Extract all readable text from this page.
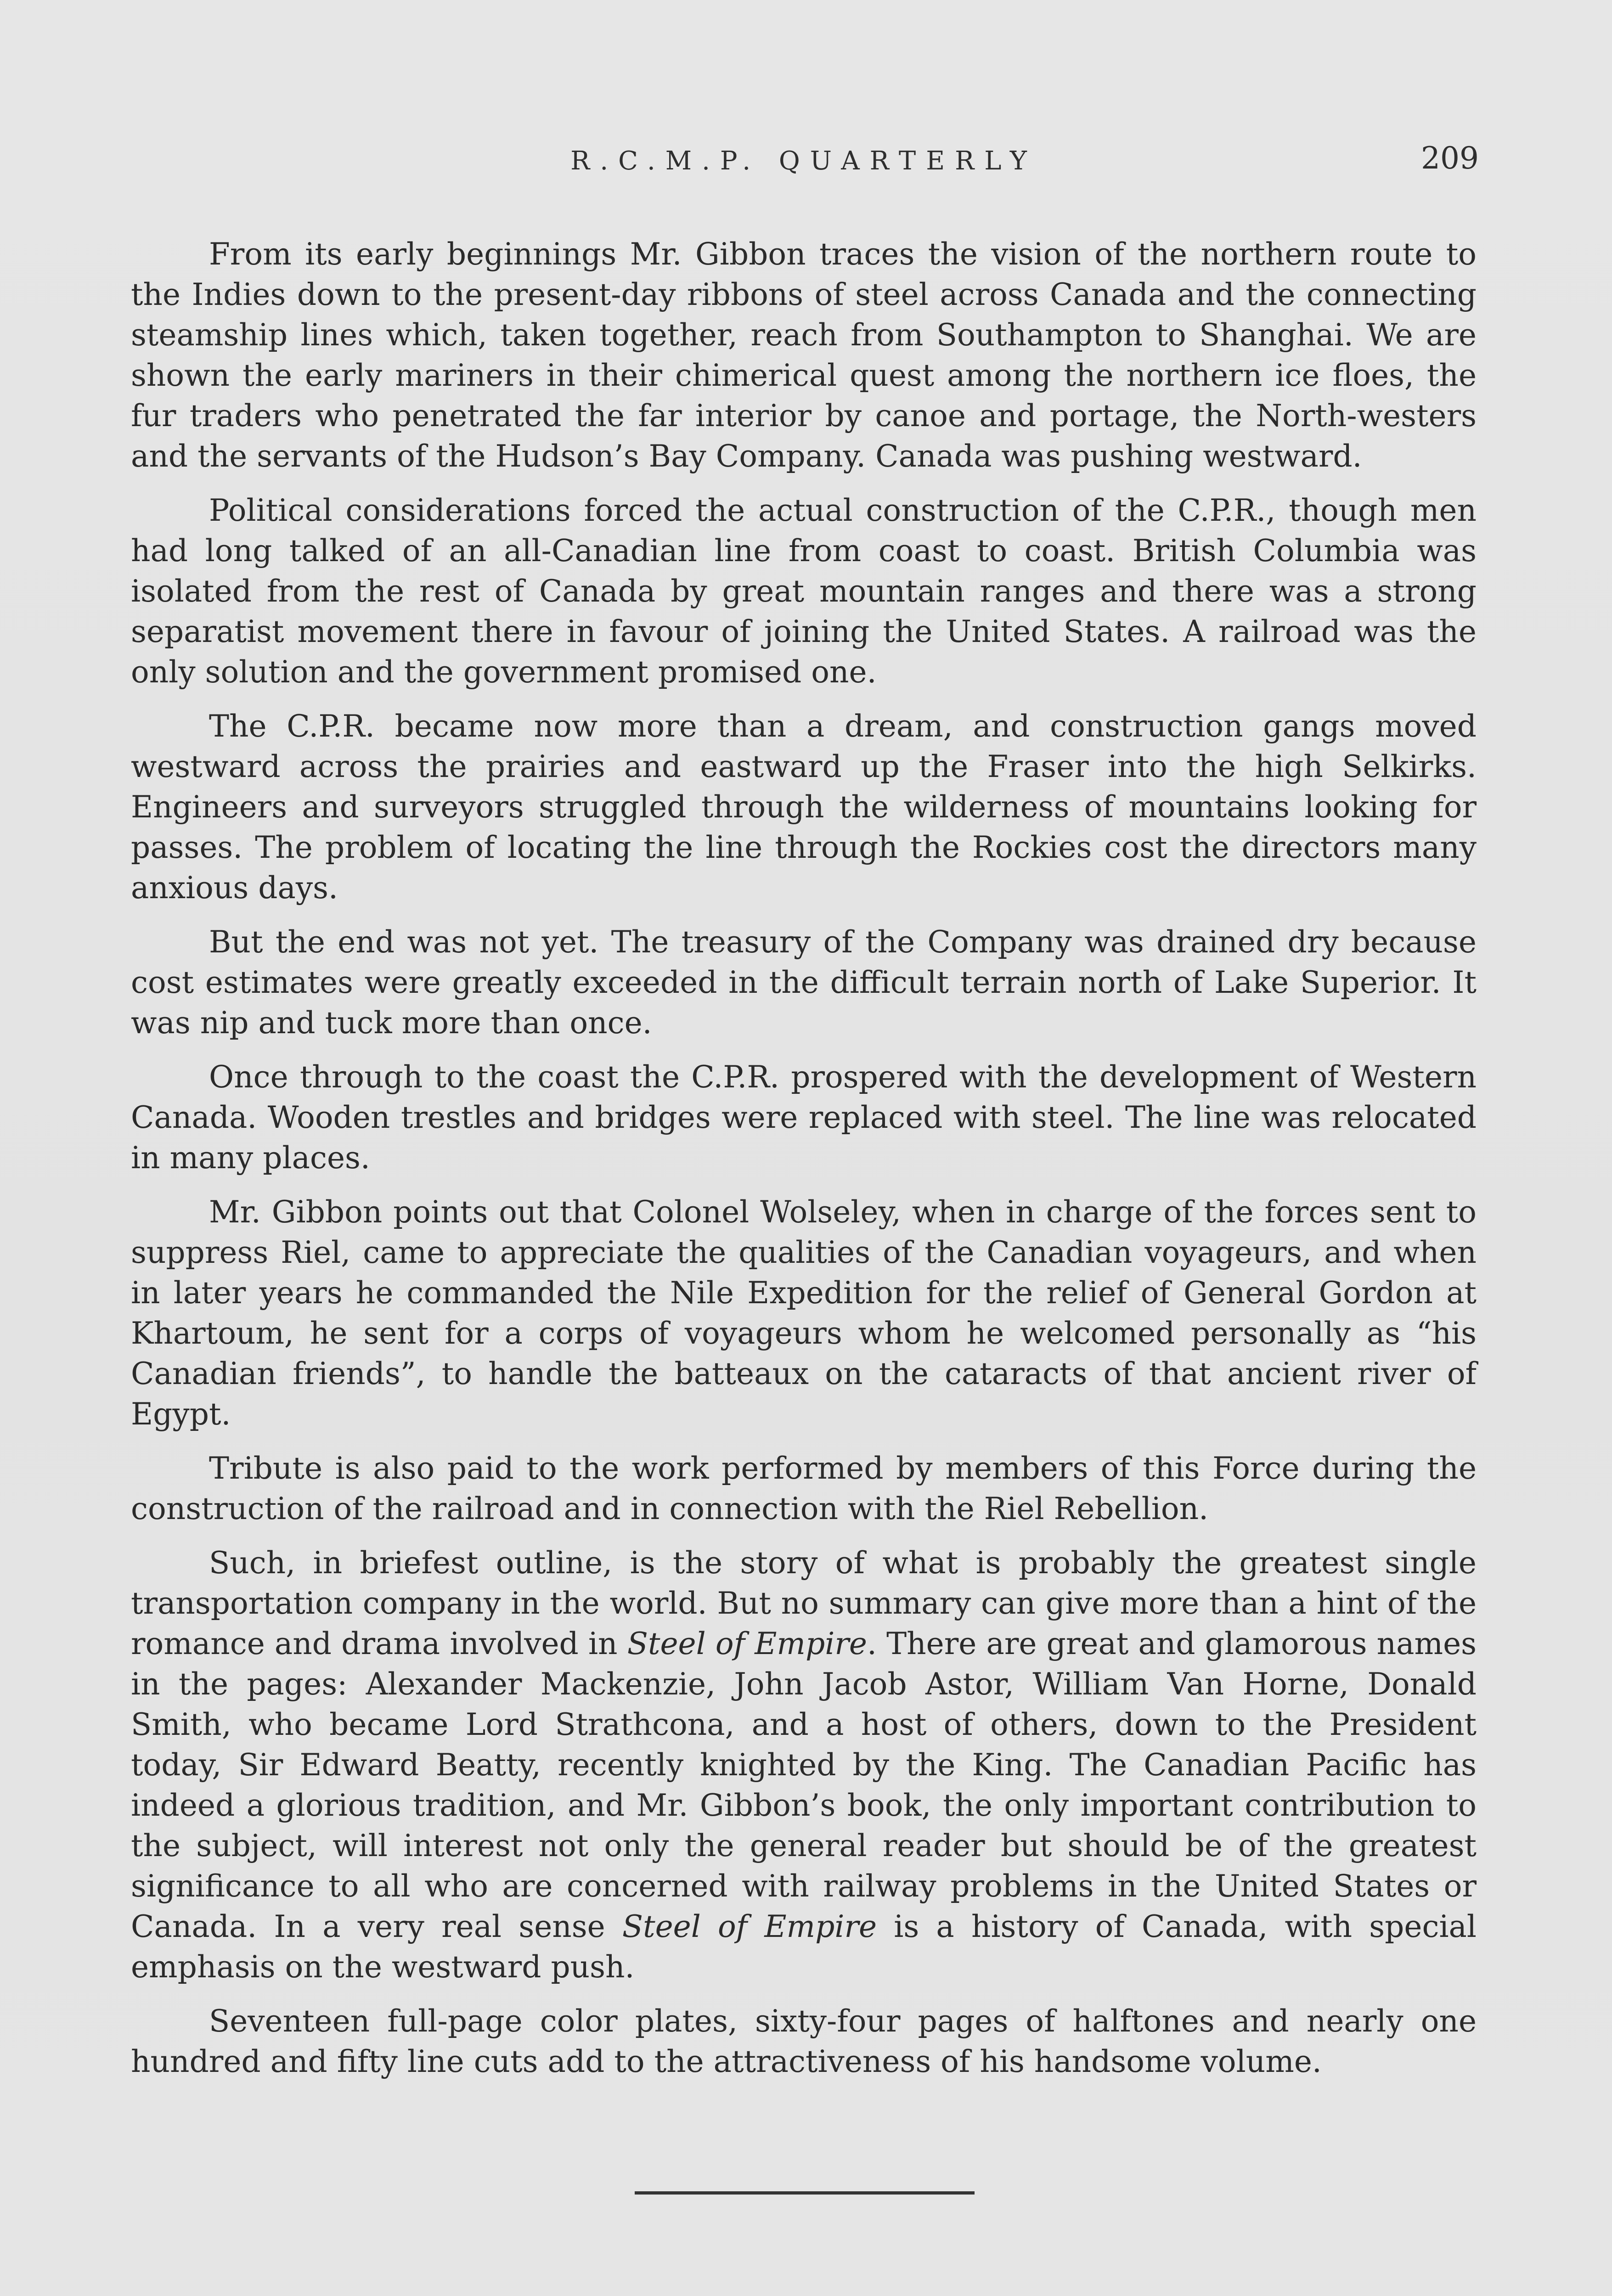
R.C.M.P. QUARTERLY	209

From its early beginnings Mr. Gibbon traces the vision of the northern route to the Indies down to the present-day ribbons of steel across Canada and the connecting steamship lines which, taken together, reach from Southampton to Shanghai. We are shown the early mariners in their chimerical quest among the northern ice floes, the fur traders who penetrated the far interior by canoe and portage, the North-westers and the servants of the Hudson’s Bay Company. Canada was pushing westward.

Political considerations forced the actual construction of the C.P.R., though men had long talked of an all-Canadian line from coast to coast. British Columbia was isolated from the rest of Canada by great mountain ranges and there was a strong separatist movement there in favour of joining the United States. A railroad was the only solution and the government promised one.

The C.P.R. became now more than a dream, and construction gangs moved westward across the prairies and eastward up the Fraser into the high Selkirks. Engineers and surveyors struggled through the wilderness of mountains looking for passes. The problem of locating the line through the Rockies cost the directors many anxious days.

But the end was not yet. The treasury of the Company was drained dry because cost estimates were greatly exceeded in the difficult terrain north of Lake Superior. It was nip and tuck more than once.

Once through to the coast the C.P.R. prospered with the development of Western Canada. Wooden trestles and bridges were replaced with steel. The line was relocated in many places.

Mr. Gibbon points out that Colonel Wolseley, when in charge of the forces sent to suppress Riel, came to appreciate the qualities of the Canadian voyageurs, and when in later years he commanded the Nile Expedition for the relief of General Gordon at Khartoum, he sent for a corps of voyageurs whom he welcomed personally as “his Canadian friends”, to handle the batteaux on the cataracts of that ancient river of Egypt.

Tribute is also paid to the work performed by members of this Force during the construction of the railroad and in connection with the Riel Rebellion.

Such, in briefest outline, is the story of what is probably the greatest single transportation company in the world. But no summary can give more than a hint of the romance and drama involved in Steel of Empire. There are great and glamorous names in the pages: Alexander Mackenzie, John Jacob Astor, William Van Horne, Donald Smith, who became Lord Strathcona, and a host of others, down to the President today, Sir Edward Beatty, recently knighted by the King. The Canadian Pacific has indeed a glorious tradition, and Mr. Gibbon’s book, the only important contribution to the subject, will interest not only the general reader but should be of the greatest significance to all who are concerned with railway problems in the United States or Canada. In a very real sense Steel of Empire is a history of Canada, with special emphasis on the westward push.

Seventeen full-page color plates, sixty-four pages of halftones and nearly one hundred and fifty line cuts add to the attractiveness of his handsome volume.
